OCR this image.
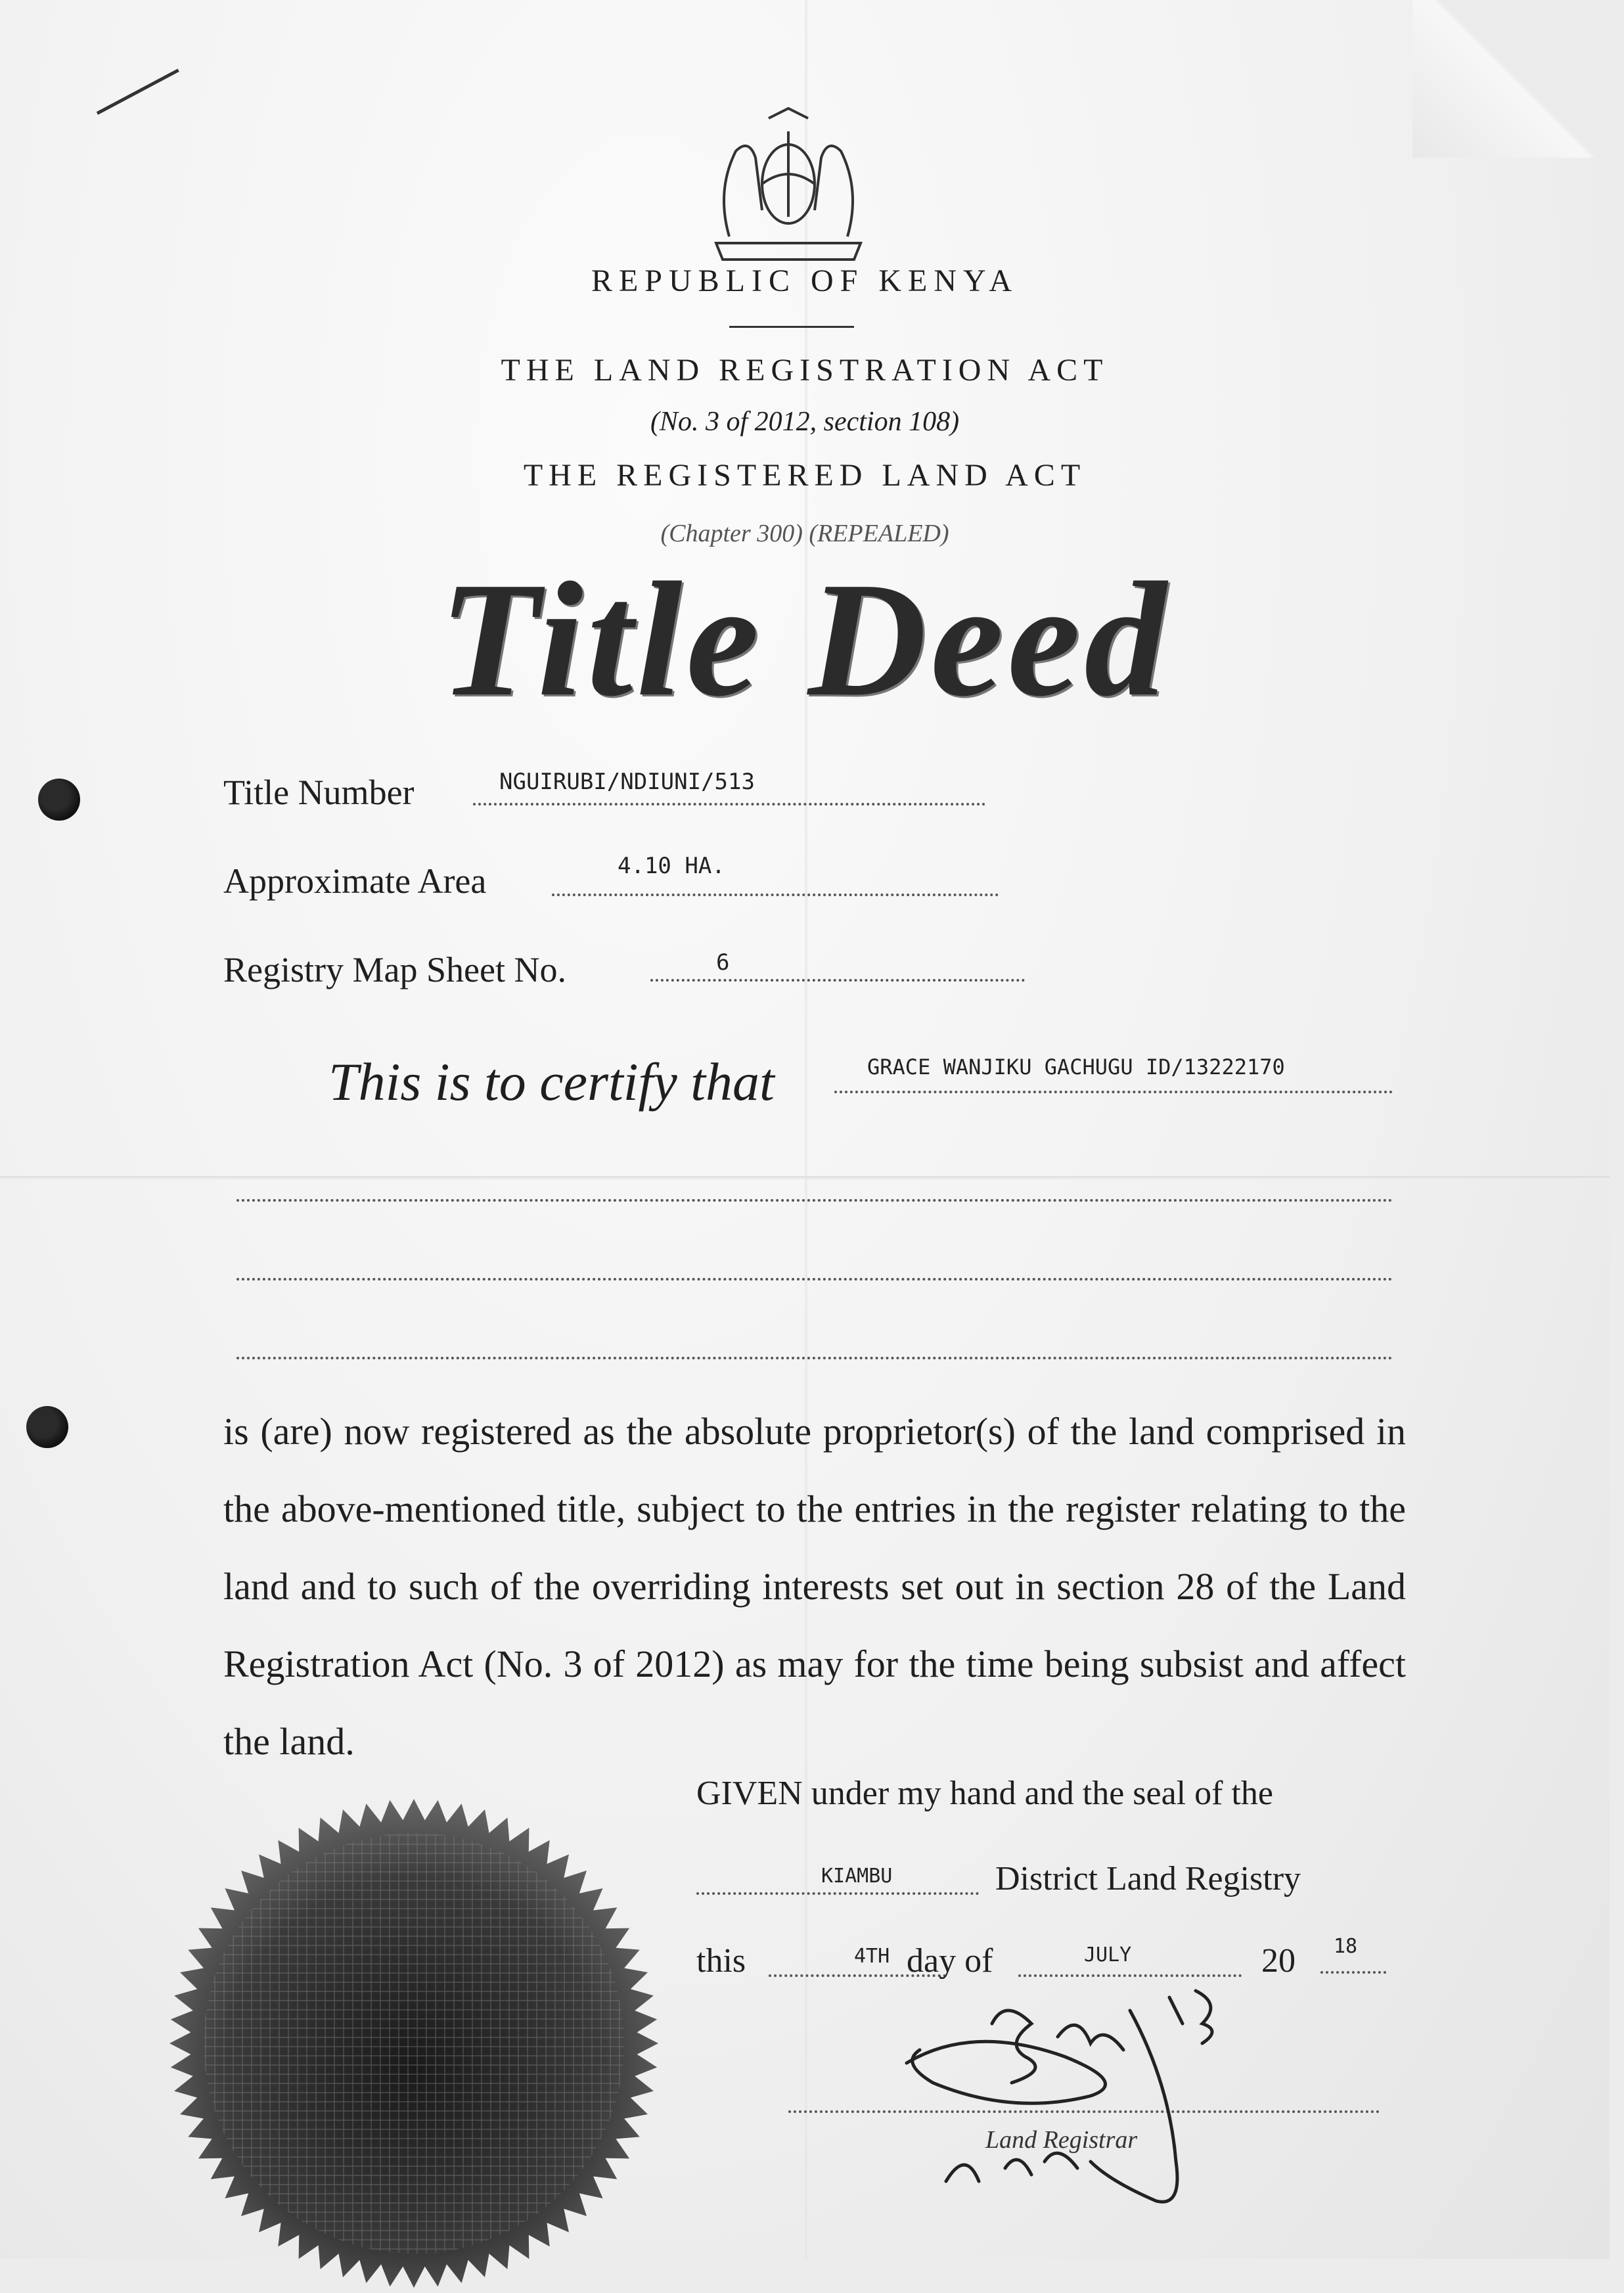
REPUBLIC OF KENYA
THE LAND REGISTRATION ACT
(No. 3 of 2012, section 108)
THE REGISTERED LAND ACT
(Chapter 300) (REPEALED)
Title Deed
Title Number	NGUIRUBI/NDIUNI/513
Approximate Area	4.10 HA.
Registry Map Sheet No.	6
This is to certify that	GRACE WANJIKU GACHUGU ID/13222170
is (are) now registered as the absolute proprietor(s) of the land comprised in the above-mentioned title, subject to the entries in the register relating to the land and to such of the overriding interests set out in section 28 of the Land Registration Act (No. 3 of 2012) as may for the time being subsist and affect the land.
GIVEN under my hand and the seal of the
KIAMBU	District Land Registry
this	4TH day of	JULY	20 18
Land Registrar
